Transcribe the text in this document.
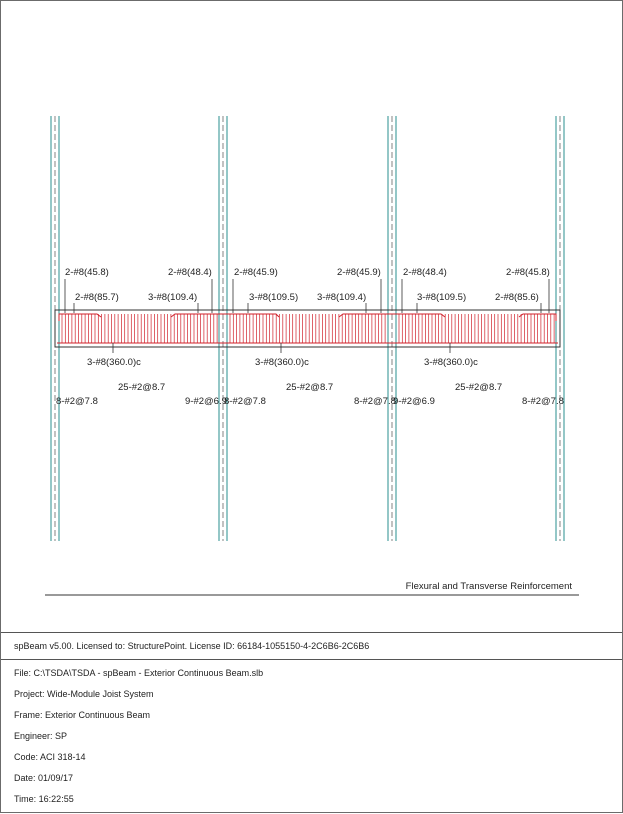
2-#8(45.8)	2-#8(48.4) 2-#8(45.9)	2-#8(45.9) 2-#8(48.4)	2-#8(45.8)
2-#8(85.7)	3-#8(109.4)	3-#8(109.5) 3-#8(109.4)	3-#8(109.5)	2-#8(85.6)
3-#8(360.0)c	3-#8(360.0)c	3-#8(360.0)c
25-#2@8.7	25-#2@8.7	25-#2@8.7
8-#2@7.8	9-#2@6.9
8-#2@7.8	8-#2@7.8
9-#2@6.9	8-#2@7.8
Flexural and Transverse Reinforcement
spBeam v5.00. Licensed to: StructurePoint. License ID: 66184-1055150-4-2C6B6-2C6B6
File: C:\TSDA\TSDA - spBeam - Exterior Continuous Beam.slb
Project: Wide-Module Joist System
Frame: Exterior Continuous Beam
Engineer: SP
Code: ACI 318-14
Date: 01/09/17
Time: 16:22:55
